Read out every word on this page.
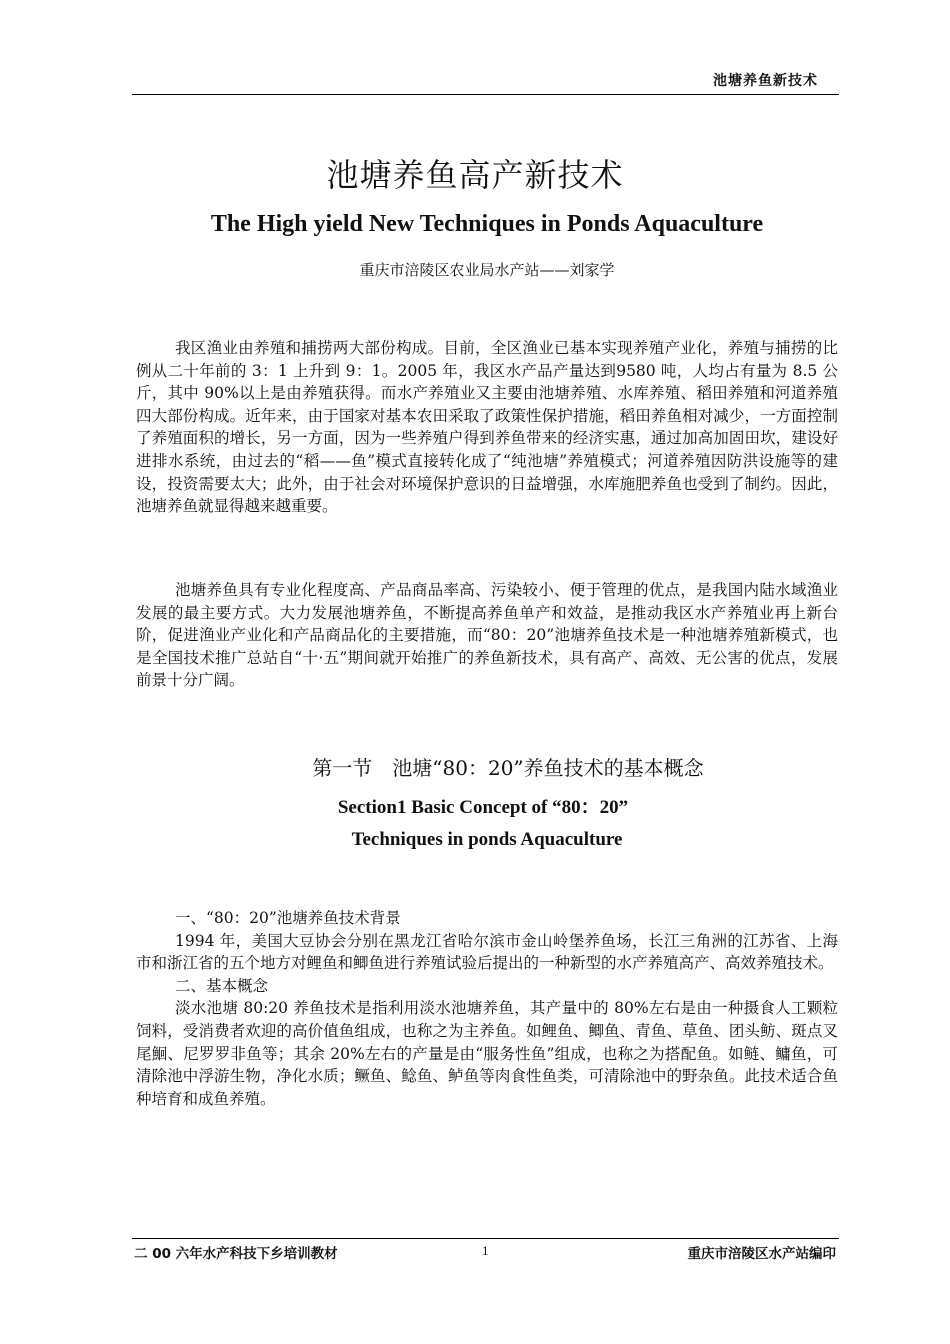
池塘养鱼新技术
池塘养鱼高产新技术
The High yield New Techniques in Ponds Aquaculture
重庆市涪陵区农业局水产站——刘家学

我区渔业由养殖和捕捞两大部份构成。目前，全区渔业已基本实现养殖产业化，养殖与捕捞的比例从二十年前的 3：1 上升到 9：1。2005 年，我区水产品产量达到9580 吨，人均占有量为 8.5 公斤，其中 90%以上是由养殖获得。而水产养殖业又主要由池塘养殖、水库养殖、稻田养殖和河道养殖四大部份构成。近年来，由于国家对基本农田采取了政策性保护措施，稻田养鱼相对减少，一方面控制了养殖面积的增长，另一方面，因为一些养殖户得到养鱼带来的经济实惠，通过加高加固田坎，建设好进排水系统，由过去的“稻——鱼”模式直接转化成了“纯池塘”养殖模式；河道养殖因防洪设施等的建设，投资需要太大；此外，由于社会对环境保护意识的日益增强，水库施肥养鱼也受到了制约。因此，池塘养鱼就显得越来越重要。

池塘养鱼具有专业化程度高、产品商品率高、污染较小、便于管理的优点，是我国内陆水域渔业发展的最主要方式。大力发展池塘养鱼，不断提高养鱼单产和效益，是推动我区水产养殖业再上新台阶，促进渔业产业化和产品商品化的主要措施，而“80：20”池塘养鱼技术是一种池塘养殖新模式，也是全国技术推广总站自“十·五”期间就开始推广的养鱼新技术，具有高产、高效、无公害的优点，发展前景十分广阔。

第一节　池塘“80：20”养鱼技术的基本概念
Section1 Basic Concept of “80：20”
Techniques in ponds Aquaculture
一、“80：20”池塘养鱼技术背景

1994 年，美国大豆协会分别在黑龙江省哈尔滨市金山岭堡养鱼场，长江三角洲的江苏省、上海市和浙江省的五个地方对鲤鱼和鲫鱼进行养殖试验后提出的一种新型的水产养殖高产、高效养殖技术。

二、基本概念

淡水池塘 80:20 养鱼技术是指利用淡水池塘养鱼，其产量中的 80%左右是由一种摄食人工颗粒饲料，受消费者欢迎的高价值鱼组成，也称之为主养鱼。如鲤鱼、鲫鱼、青鱼、草鱼、团头鲂、斑点叉尾鮰、尼罗罗非鱼等；其余 20%左右的产量是由“服务性鱼”组成，也称之为搭配鱼。如鲢、鳙鱼，可清除池中浮游生物，净化水质；鳜鱼、鲶鱼、鲈鱼等肉食性鱼类，可清除池中的野杂鱼。此技术适合鱼种培育和成鱼养殖。

二 00 六年水产科技下乡培训教材	1	重庆市涪陵区水产站编印
